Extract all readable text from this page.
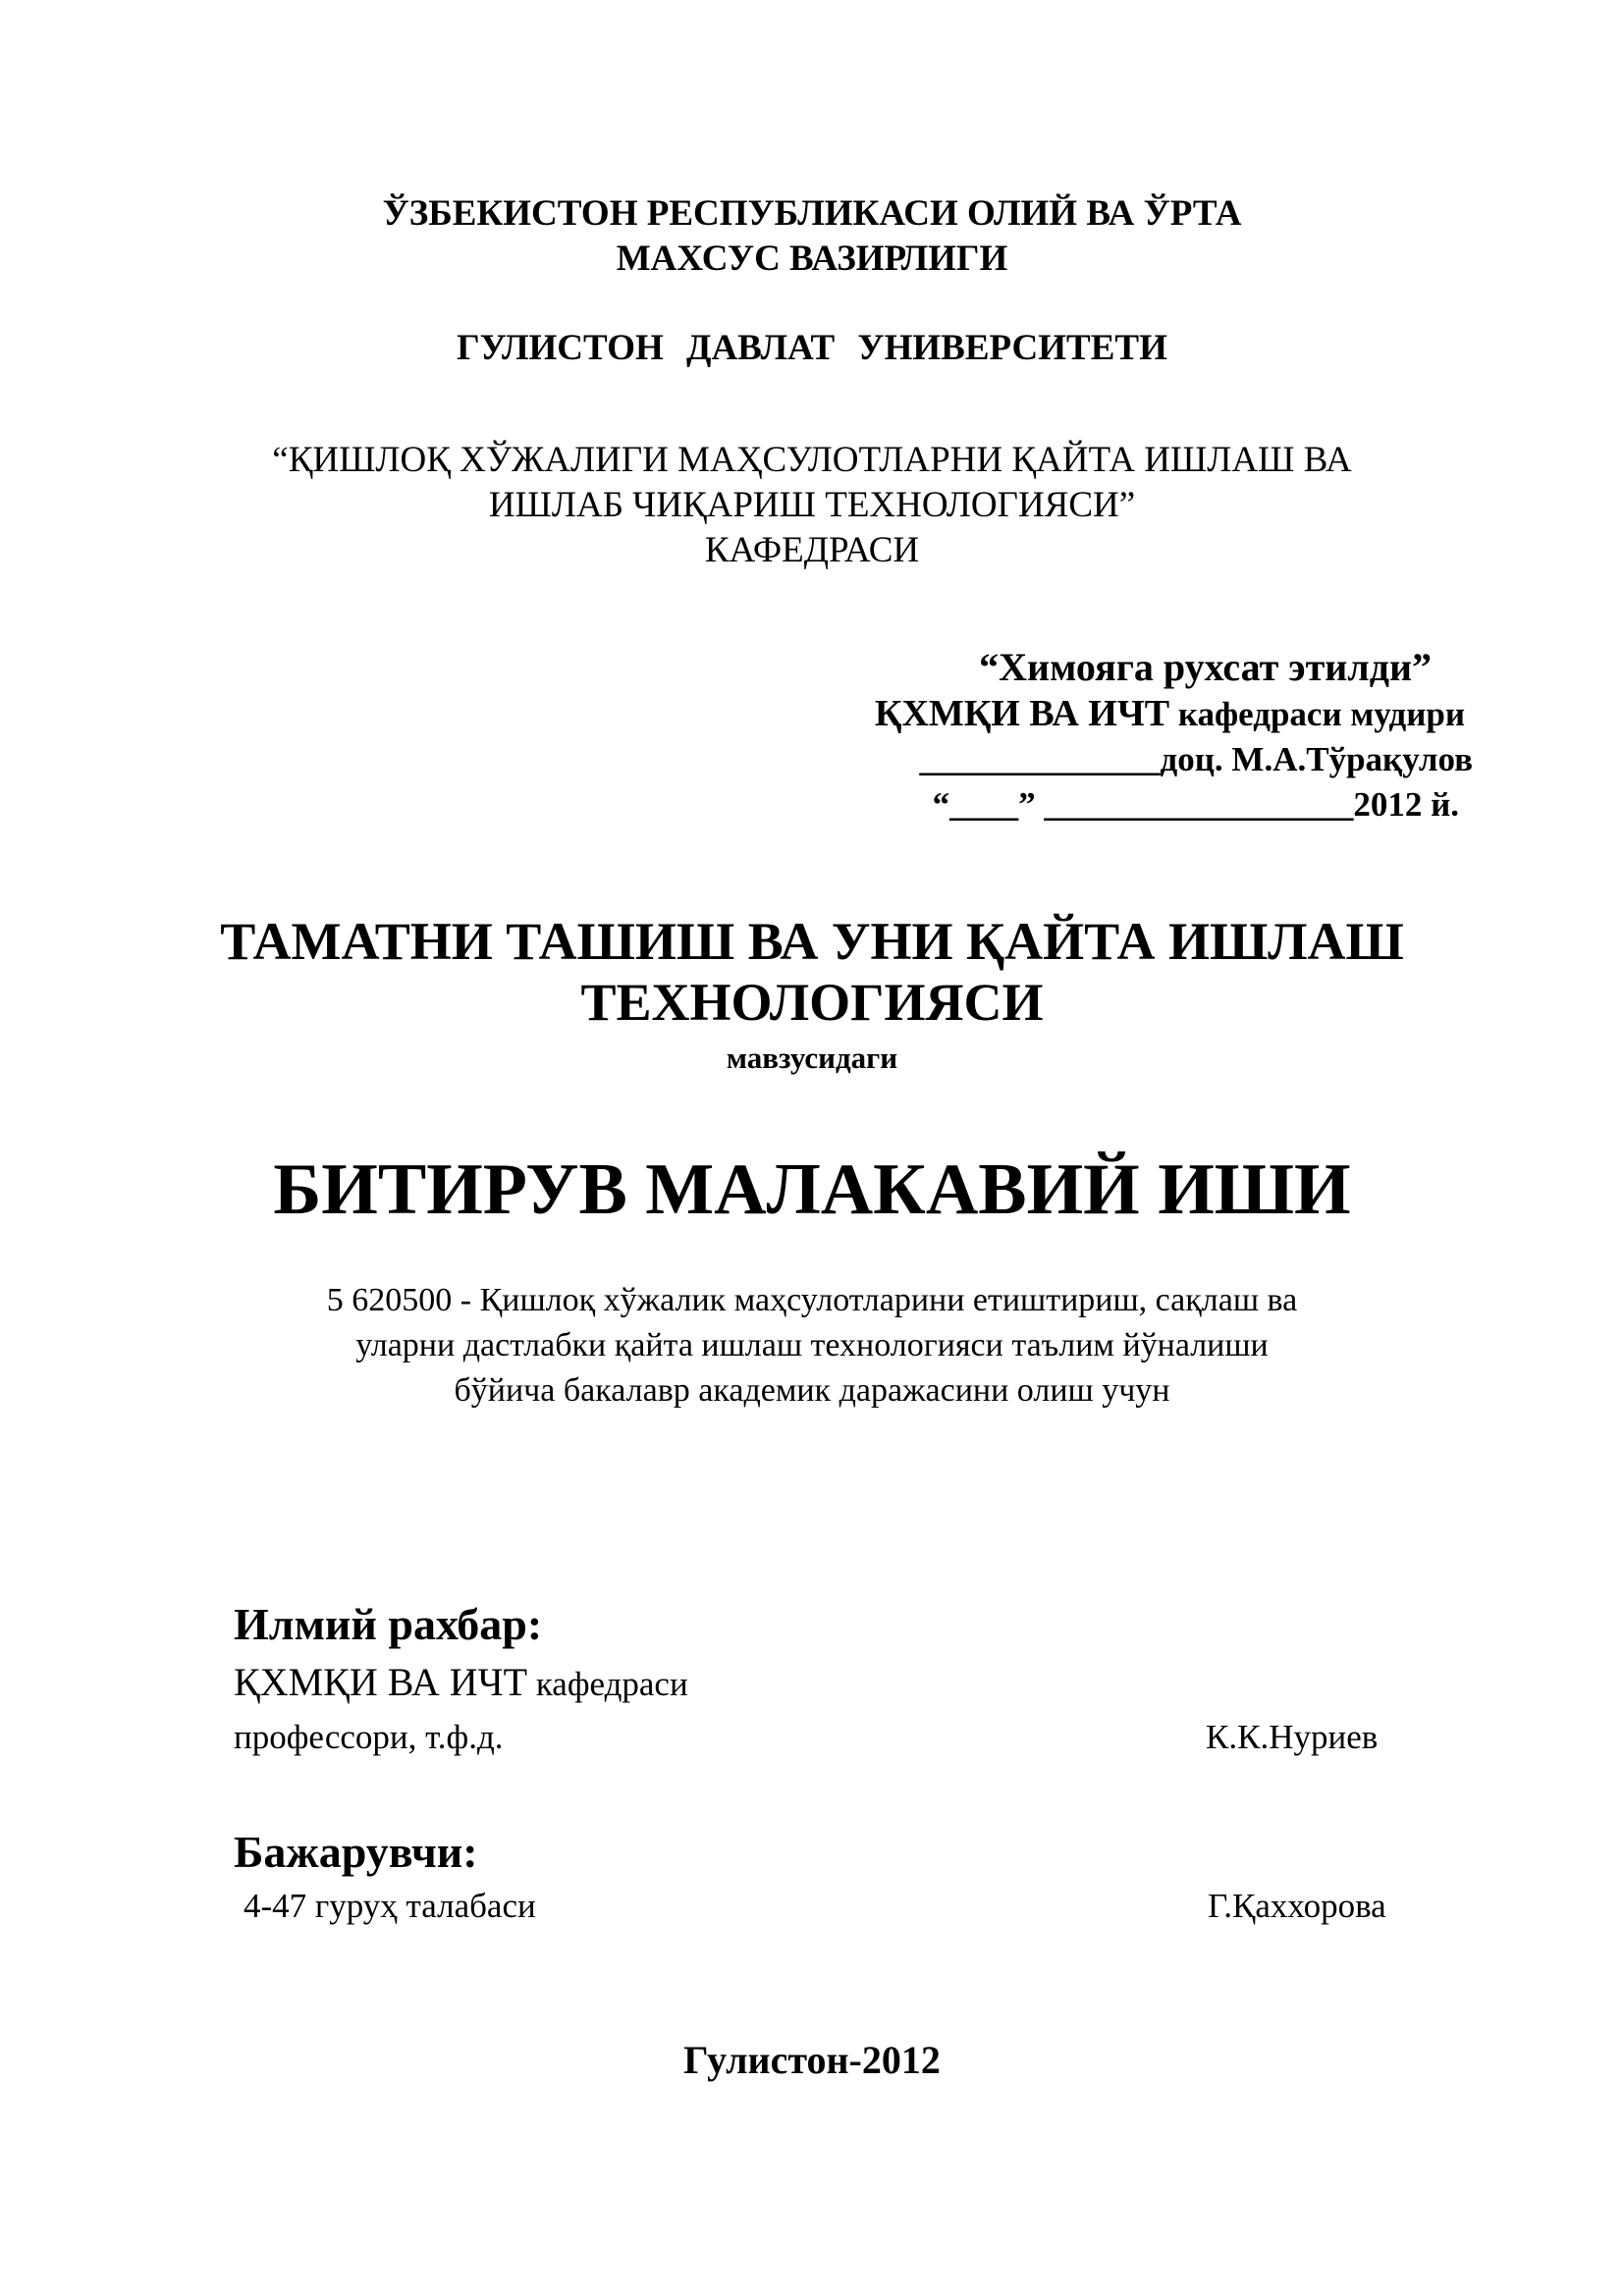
ЎЗБЕКИСТОН РЕСПУБЛИКАСИ ОЛИЙ ВА ЎРТА
МАХСУС ВАЗИРЛИГИ
ГУЛИСТОН ДАВЛАТ УНИВЕРСИТЕТИ
“ҚИШЛОҚ ХЎЖАЛИГИ МАҲСУЛОТЛАРНИ ҚАЙТА ИШЛАШ ВА
ИШЛАБ ЧИҚАРИШ ТЕХНОЛОГИЯСИ”
КАФЕДРАСИ
“Химояга рухсат этилди”
ҚХМҚИ ВА ИЧТ кафедраси мудири
______________доц. М.А.Тўрақулов
“____” __________________2012 й.
ТАМАТНИ ТАШИШ ВА УНИ ҚАЙТА ИШЛАШ
ТЕХНОЛОГИЯСИ
мавзусидаги
БИТИРУВ МАЛАКАВИЙ ИШИ
5 620500 - Қишлоқ хўжалик маҳсулотларини етиштириш, сақлаш ва
уларни дастлабки қайта ишлаш технологияси таълим йўналиши
бўйича бакалавр академик даражасини олиш учун
Илмий рахбар:
ҚХМҚИ ВА ИЧТ кафедраси
профессори, т.ф.д.	К.К.Нуриев
Бажарувчи:
4-47 гуруҳ талабаси	Г.Қаххорова
Гулистон-2012
